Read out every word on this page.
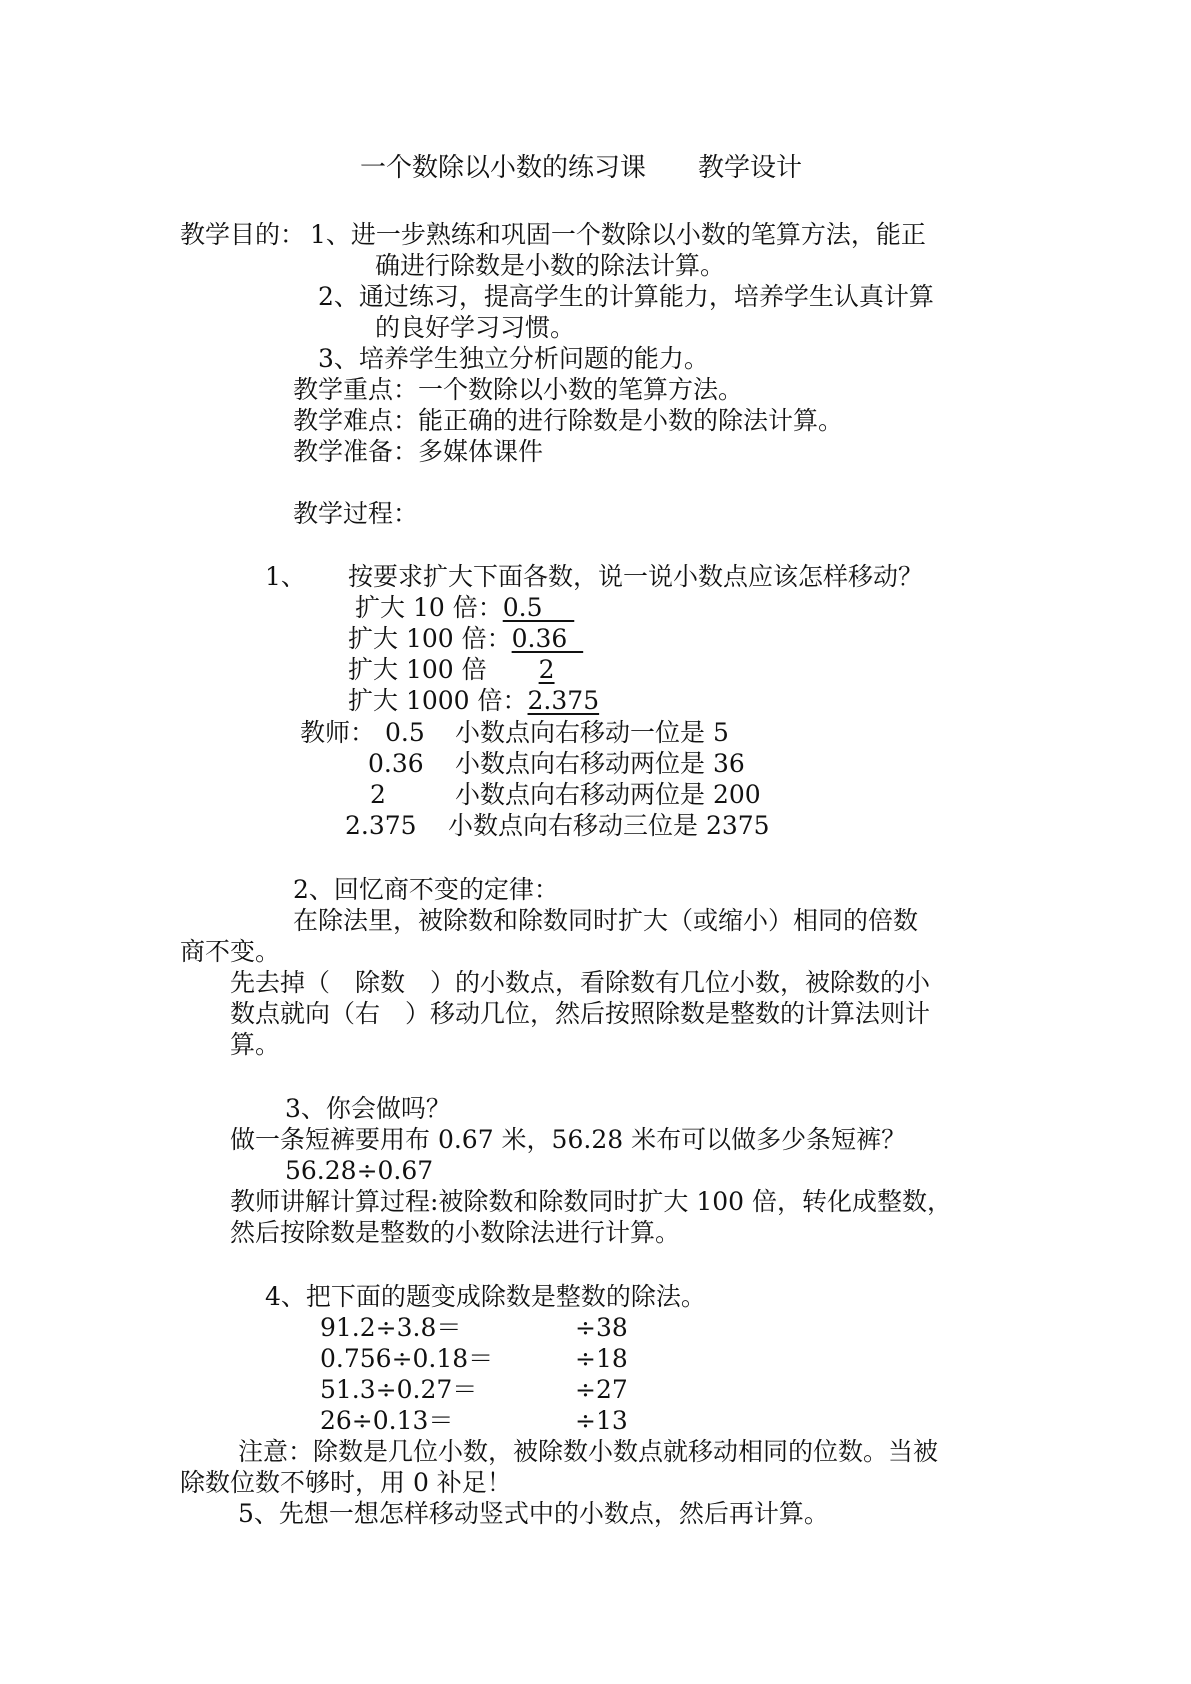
一个数除以小数的练习课　　教学设计
教学目的： 1、进一步熟练和巩固一个数除以小数的笔算方法，能正
确进行除数是小数的除法计算。
2、通过练习，提高学生的计算能力，培养学生认真计算
的良好学习习惯。
3、培养学生独立分析问题的能力。
教学重点：一个数除以小数的笔算方法。
教学难点：能正确的进行除数是小数的除法计算。
教学准备：多媒体课件
教学过程：
1、 按要求扩大下面各数，说一说小数点应该怎样移动？
扩大 10 倍：0.5
扩大 100 倍：0.36
扩大 100 倍 2
扩大 1000 倍：2.375
教师： 0.5 小数点向右移动一位是 5
0.36 小数点向右移动两位是 36
2	小数点向右移动两位是 200
2.375 小数点向右移动三位是 2375
2、回忆商不变的定律：
在除法里，被除数和除数同时扩大（或缩小）相同的倍数
商不变。
先去掉（　除数　）的小数点，看除数有几位小数，被除数的小
数点就向（右　）移动几位，然后按照除数是整数的计算法则计
算。
3、你会做吗？
做一条短裤要用布 0.67 米，56.28 米布可以做多少条短裤？
56.28÷0.67
教师讲解计算过程:被除数和除数同时扩大 100 倍，转化成整数，
然后按除数是整数的小数除法进行计算。
4、把下面的题变成除数是整数的除法。
91.2÷3.8＝	÷38
0.756÷0.18＝	÷18
51.3÷0.27＝	÷27
26÷0.13＝	÷13
注意：除数是几位小数，被除数小数点就移动相同的位数。当被
除数位数不够时，用 0 补足！
5、先想一想怎样移动竖式中的小数点，然后再计算。
